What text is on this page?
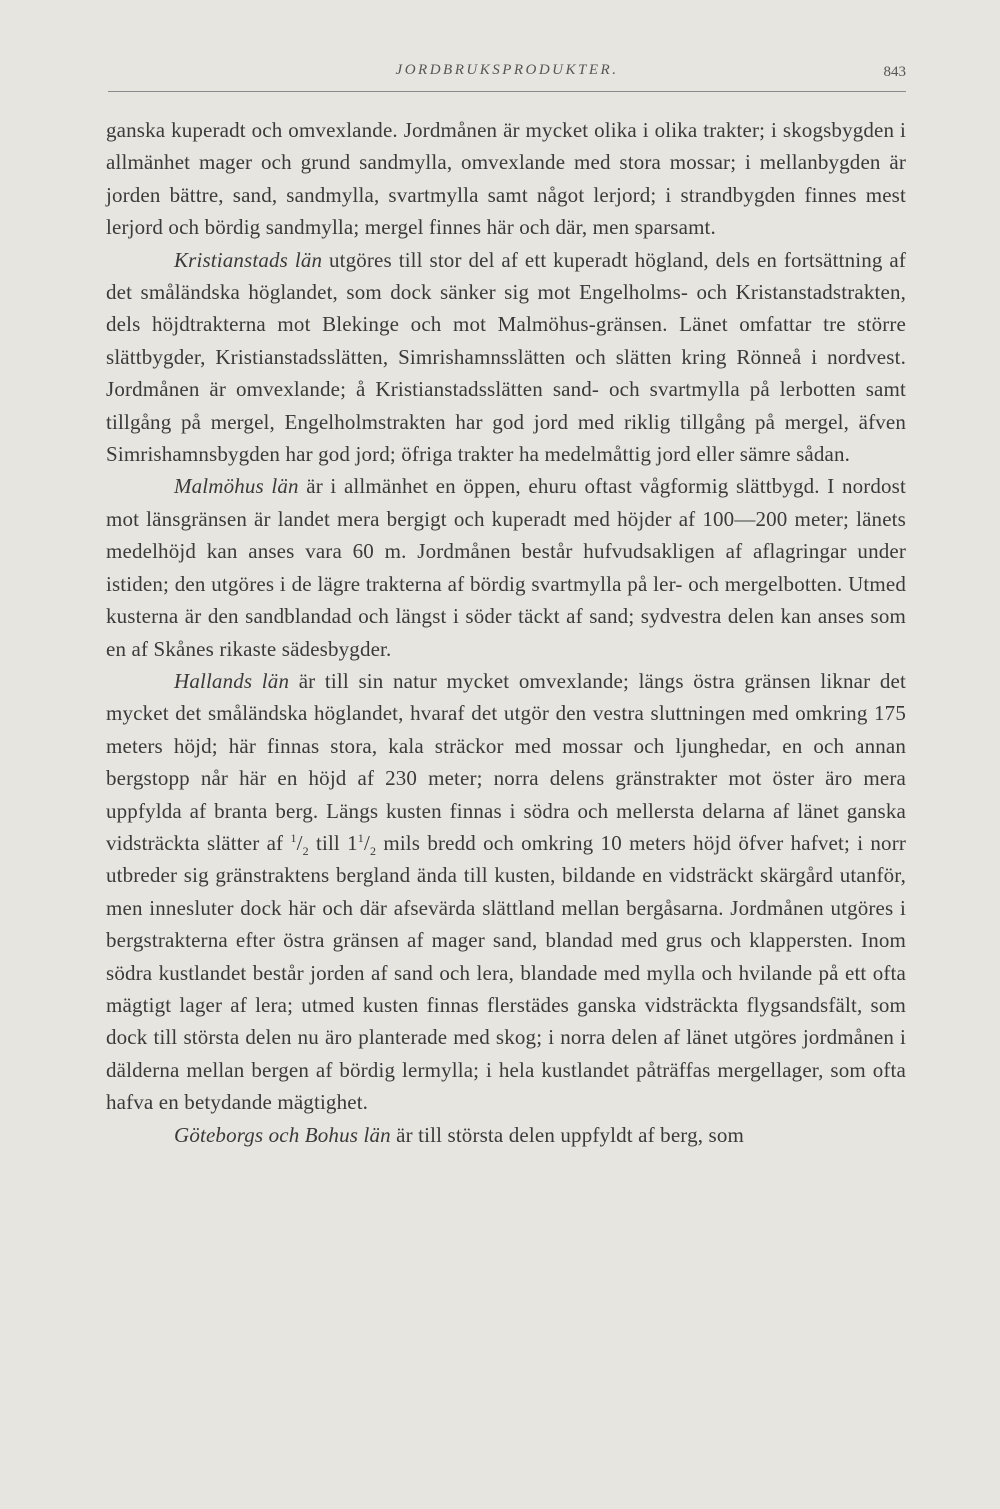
JORDBRUKSPRODUKTER.	843

ganska kuperadt och omvexlande. Jordmånen är mycket olika i olika trakter; i skogsbygden i allmänhet mager och grund sandmylla, omvexlande med stora mossar; i mellanbygden är jorden bättre, sand, sandmylla, svartmylla samt något lerjord; i strandbygden finnes mest lerjord och bördig sandmylla; mergel finnes här och där, men sparsamt.

Kristianstads län utgöres till stor del af ett kuperadt högland, dels en fortsättning af det småländska höglandet, som dock sänker sig mot Engelholms- och Kristanstadstrakten, dels höjdtrakterna mot Blekinge och mot Malmöhus-gränsen. Länet omfattar tre större slättbygder, Kristianstadsslätten, Simrishamnsslätten och slätten kring Rönneå i nordvest. Jordmånen är omvexlande; å Kristianstadsslätten sand- och svartmylla på lerbotten samt tillgång på mergel, Engelholmstrakten har god jord med riklig tillgång på mergel, äfven Simrishamnsbygden har god jord; öfriga trakter ha medelmåttig jord eller sämre sådan.

Malmöhus län är i allmänhet en öppen, ehuru oftast vågformig slättbygd. I nordost mot länsgränsen är landet mera bergigt och kuperadt med höjder af 100—200 meter; länets medelhöjd kan anses vara 60 m. Jordmånen består hufvudsakligen af aflagringar under istiden; den utgöres i de lägre trakterna af bördig svartmylla på ler- och mergelbotten. Utmed kusterna är den sandblandad och längst i söder täckt af sand; sydvestra delen kan anses som en af Skånes rikaste sädesbygder.

Hallands län är till sin natur mycket omvexlande; längs östra gränsen liknar det mycket det småländska höglandet, hvaraf det utgör den vestra sluttningen med omkring 175 meters höjd; här finnas stora, kala sträckor med mossar och ljunghedar, en och annan bergstopp når här en höjd af 230 meter; norra delens gränstrakter mot öster äro mera uppfylda af branta berg. Längs kusten finnas i södra och mellersta delarna af länet ganska vidsträckta slätter af $^1/_2$ till $1^1/_2$ mils bredd och omkring 10 meters höjd öfver hafvet; i norr utbreder sig gränstraktens bergland ända till kusten, bildande en vidsträckt skärgård utanför, men innesluter dock här och där afsevärda slättland mellan bergåsarna. Jordmånen utgöres i bergstrakterna efter östra gränsen af mager sand, blandad med grus och klappersten. Inom södra kustlandet består jorden af sand och lera, blandade med mylla och hvilande på ett ofta mägtigt lager af lera; utmed kusten finnas flerstädes ganska vidsträckta flygsandsfält, som dock till största delen nu äro planterade med skog; i norra delen af länet utgöres jordmånen i dälderna mellan bergen af bördig lermylla; i hela kustlandet påträffas mergellager, som ofta hafva en betydande mägtighet.

Göteborgs och Bohus län är till största delen uppfyldt af berg, som
